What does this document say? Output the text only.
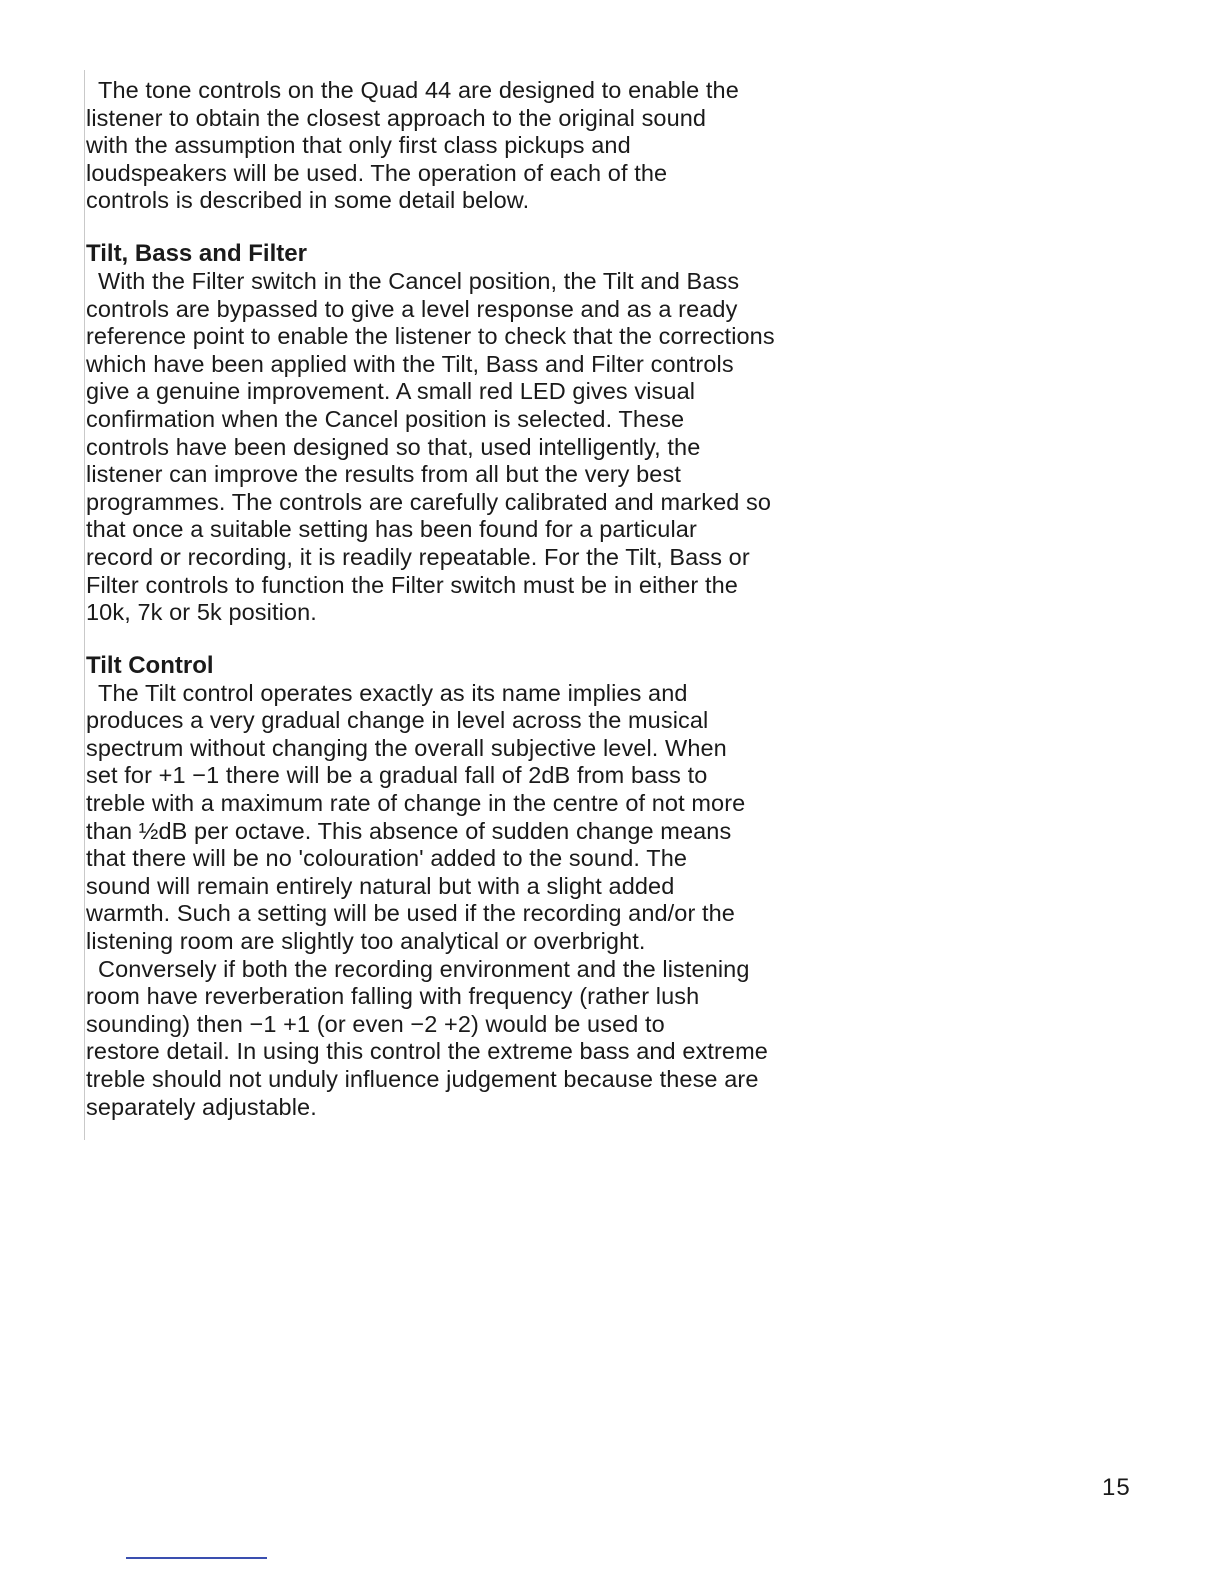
The tone controls on the Quad 44 are designed to enable the
listener to obtain the closest approach to the original sound
with the assumption that only first class pickups and
loudspeakers will be used. The operation of each of the
controls is described in some detail below.

Tilt, Bass and Filter

With the Filter switch in the Cancel position, the Tilt and Bass
controls are bypassed to give a level response and as a ready
reference point to enable the listener to check that the corrections
which have been applied with the Tilt, Bass and Filter controls
give a genuine improvement. A small red LED gives visual
confirmation when the Cancel position is selected. These
controls have been designed so that, used intelligently, the
listener can improve the results from all but the very best
programmes. The controls are carefully calibrated and marked so
that once a suitable setting has been found for a particular
record or recording, it is readily repeatable. For the Tilt, Bass or
Filter controls to function the Filter switch must be in either the
10k, 7k or 5k position.

Tilt Control

The Tilt control operates exactly as its name implies and
produces a very gradual change in level across the musical
spectrum without changing the overall subjective level. When
set for +1 −1 there will be a gradual fall of 2dB from bass to
treble with a maximum rate of change in the centre of not more
than ½dB per octave. This absence of sudden change means
that there will be no 'colouration' added to the sound. The
sound will remain entirely natural but with a slight added
warmth. Such a setting will be used if the recording and/or the
listening room are slightly too analytical or overbright.

Conversely if both the recording environment and the listening
room have reverberation falling with frequency (rather lush
sounding) then −1 +1 (or even −2 +2) would be used to
restore detail. In using this control the extreme bass and extreme
treble should not unduly influence judgement because these are
separately adjustable.

15
